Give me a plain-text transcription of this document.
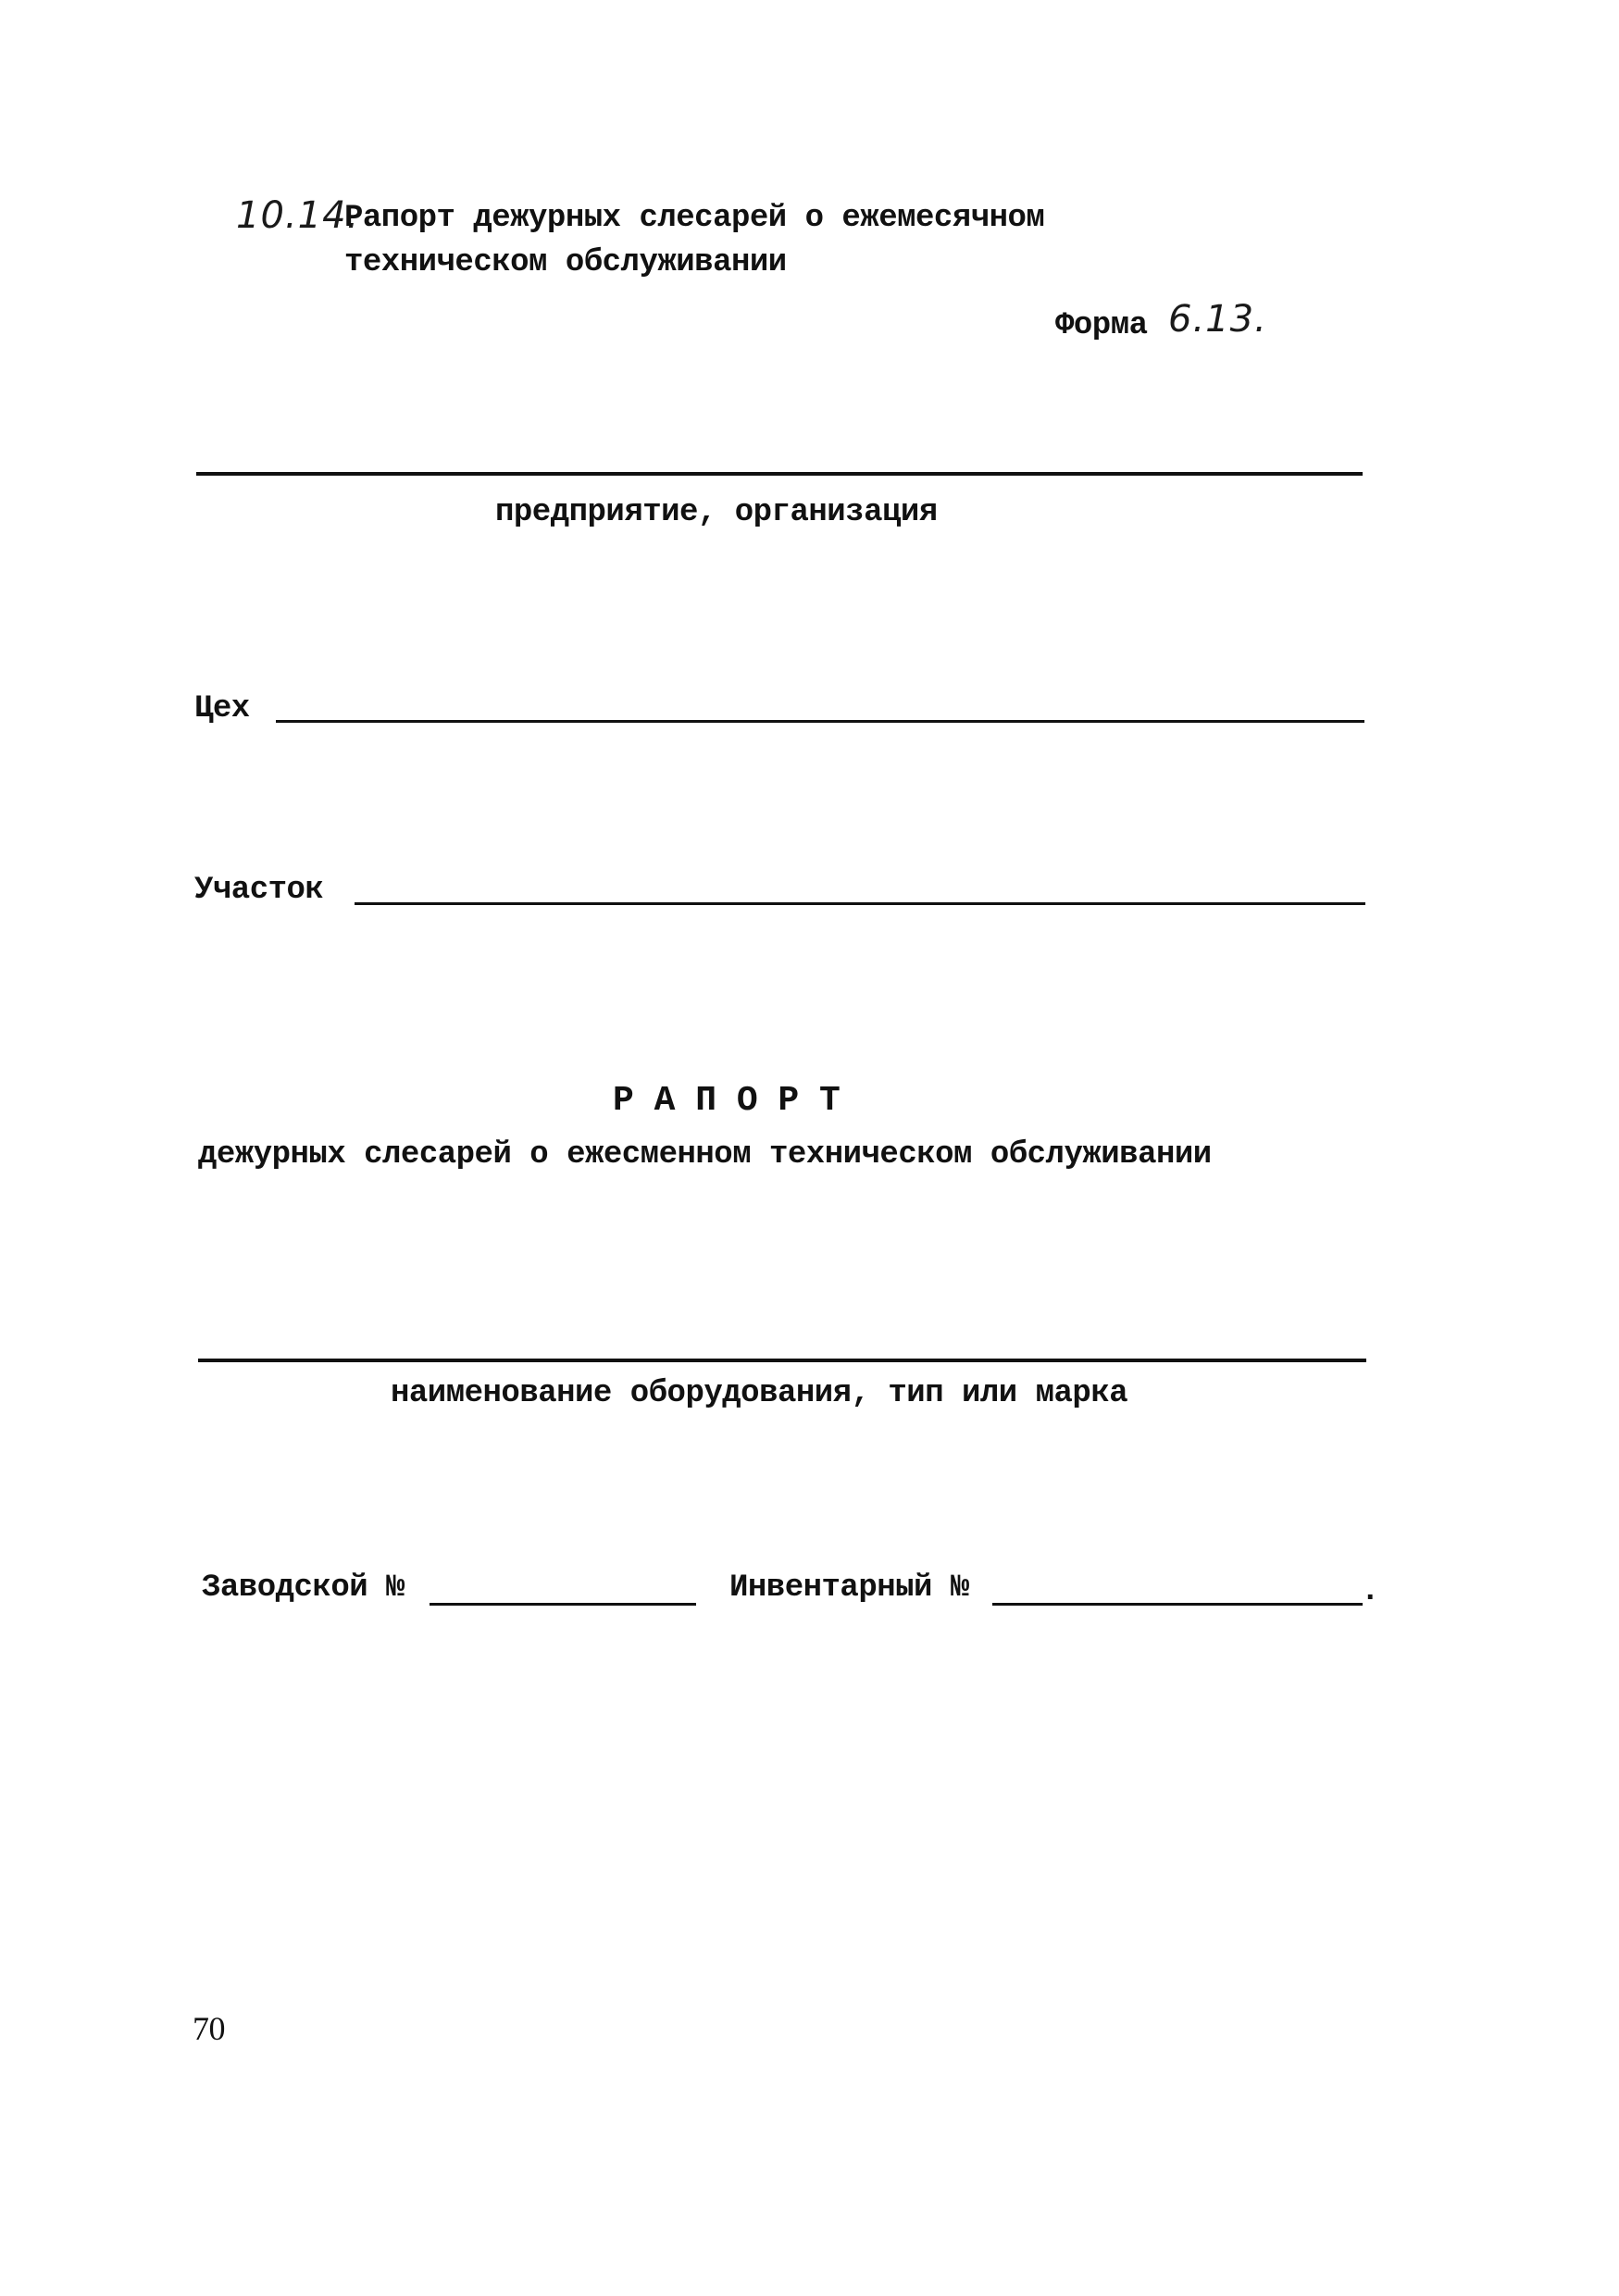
10.14.
Рапорт дежурных слесарей о ежемесячном
техническом обслуживании
Форма 6.13.
предприятие, организация
Цех
Участок
Р А П О Р Т
дежурных слесарей о ежесменном техническом обслуживании
наименование оборудования, тип или марка
Заводской №	Инвентарный №	.
70
